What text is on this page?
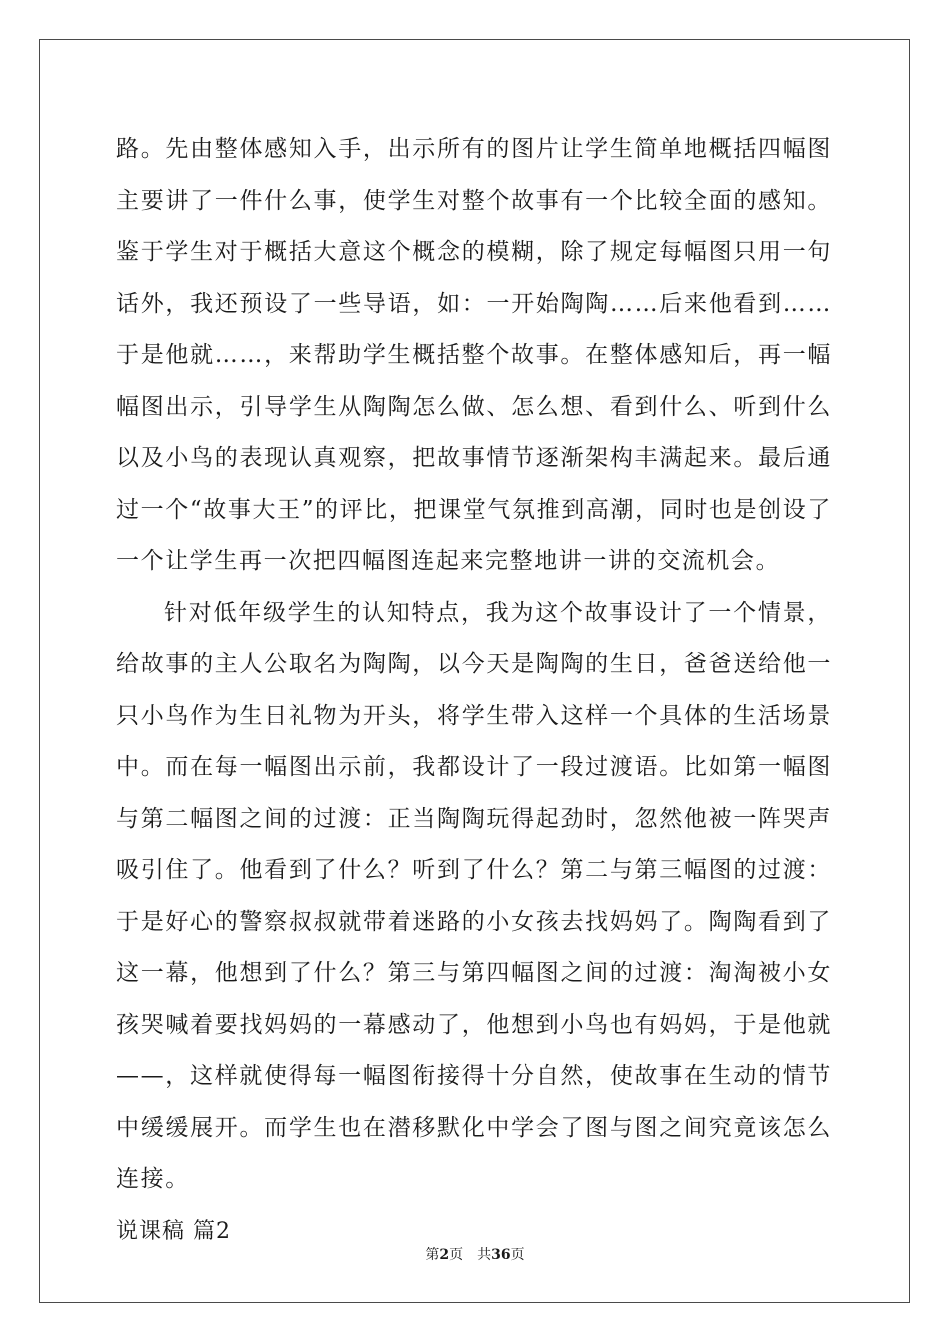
路。先由整体感知入手，出示所有的图片让学生简单地概括四幅图主要讲了一件什么事，使学生对整个故事有一个比较全面的感知。鉴于学生对于概括大意这个概念的模糊，除了规定每幅图只用一句话外，我还预设了一些导语，如：一开始陶陶……后来他看到……于是他就……，来帮助学生概括整个故事。在整体感知后，再一幅幅图出示，引导学生从陶陶怎么做、怎么想、看到什么、听到什么以及小鸟的表现认真观察，把故事情节逐渐架构丰满起来。最后通过一个“故事大王”的评比，把课堂气氛推到高潮，同时也是创设了一个让学生再一次把四幅图连起来完整地讲一讲的交流机会。

针对低年级学生的认知特点，我为这个故事设计了一个情景，给故事的主人公取名为陶陶，以今天是陶陶的生日，爸爸送给他一只小鸟作为生日礼物为开头，将学生带入这样一个具体的生活场景中。而在每一幅图出示前，我都设计了一段过渡语。比如第一幅图与第二幅图之间的过渡：正当陶陶玩得起劲时，忽然他被一阵哭声吸引住了。他看到了什么？听到了什么？第二与第三幅图的过渡：于是好心的警察叔叔就带着迷路的小女孩去找妈妈了。陶陶看到了这一幕，他想到了什么？第三与第四幅图之间的过渡：淘淘被小女孩哭喊着要找妈妈的一幕感动了，他想到小鸟也有妈妈，于是他就——，这样就使得每一幅图衔接得十分自然，使故事在生动的情节中缓缓展开。而学生也在潜移默化中学会了图与图之间究竟该怎么连接。

说课稿 篇2

第2页　共36页
